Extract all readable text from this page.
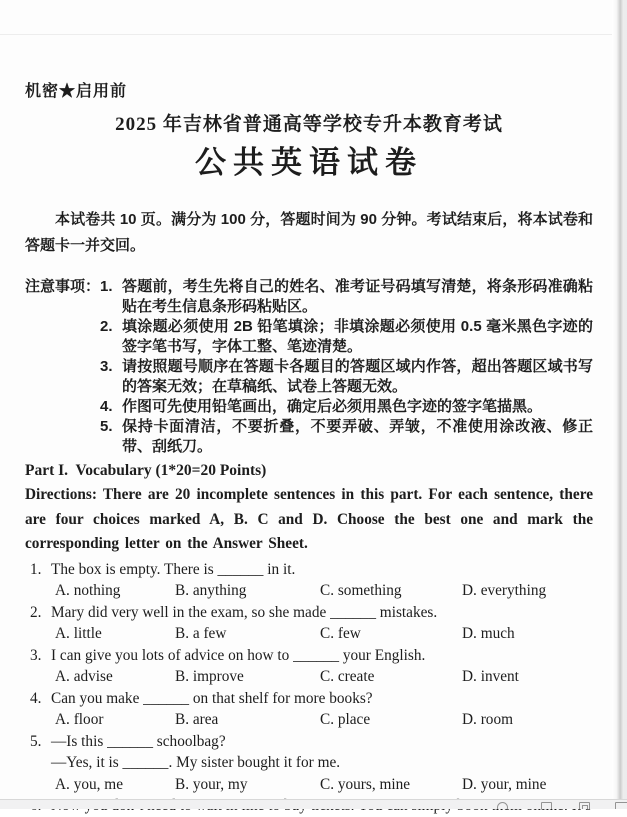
机密★启用前
2025 年吉林省普通高等学校专升本教育考试
公共英语试卷

本试卷共 10 页。满分为 100 分，答题时间为 90 分钟。考试结束后，将本试卷和答题卡一并交回。

注意事项： 1. 答题前，考生先将自己的姓名、准考证号码填写清楚，将条形码准确粘贴在考生信息条形码粘贴区。
2. 填涂题必须使用 2B 铅笔填涂；非填涂题必须使用 0.5 毫米黑色字迹的签字笔书写，字体工整、笔迹清楚。
3. 请按照题号顺序在答题卡各题目的答题区域内作答，超出答题区域书写的答案无效；在草稿纸、试卷上答题无效。
4. 作图可先使用铅笔画出，确定后必须用黑色字迹的签字笔描黑。
5. 保持卡面清洁，不要折叠，不要弄破、弄皱，不准使用涂改液、修正带、刮纸刀。
Part I.  Vocabulary (1*20=20 Points)

Directions: There are 20 incomplete sentences in this part. For each sentence, there are four choices marked A, B. C and D. Choose the best one and mark the corresponding letter on the Answer Sheet.

1. The box is empty. There is ______ in it.
A. nothing	B. anything	C. something	D. everything
2. Mary did very well in the exam, so she made ______ mistakes.
A. little	B. a few	C. few	D. much
3. I can give you lots of advice on how to ______ your English.
A. advise	B. improve	C. create	D. invent
4. Can you make ______ on that shelf for more books?
A. floor	B. area	C. place	D. room
5. —Is this ______ schoolbag?
—Yes, it is ______. My sister bought it for me.
A. you, me	B. your, my	C. yours, mine	D. your, mine
